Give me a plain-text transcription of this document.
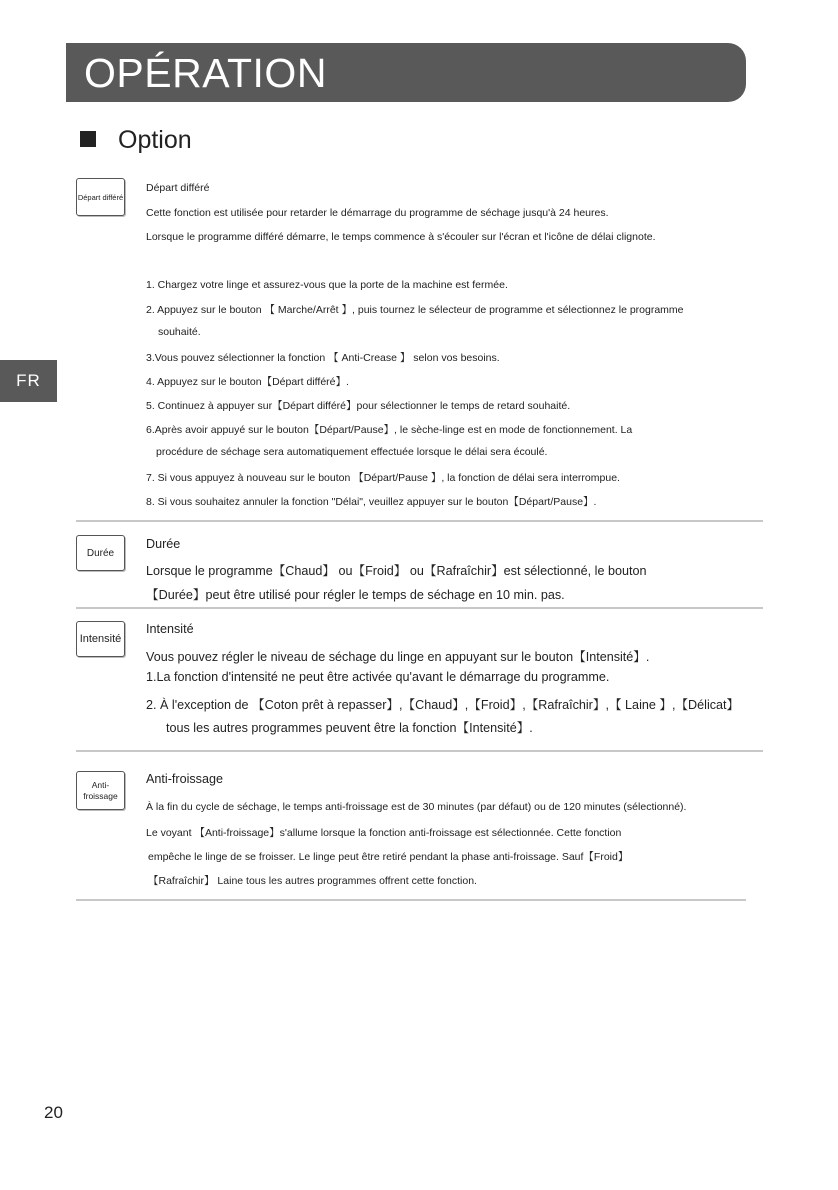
OPÉRATION
Option
FR
Départ différé
Départ différé
Cette fonction est utilisée pour retarder le démarrage du programme de séchage jusqu'à 24 heures.
Lorsque le programme différé démarre, le temps commence à s'écouler sur l'écran et l'icône de délai clignote.
1. Chargez votre linge et assurez-vous que la porte de la machine est fermée.
2. Appuyez sur le bouton 【 Marche/Arrêt 】, puis tournez le sélecteur de programme et sélectionnez le programme
souhaité.
3.Vous pouvez sélectionner la fonction 【 Anti-Crease 】 selon vos besoins.
4. Appuyez sur le bouton【Départ différé】.
5. Continuez à appuyer sur【Départ différé】pour sélectionner le temps de retard souhaité.
6.Après avoir appuyé sur le bouton【Départ/Pause】, le sèche-linge est en mode de fonctionnement. La
procédure de séchage sera automatiquement effectuée lorsque le délai sera écoulé.
7. Si vous appuyez à nouveau sur le bouton 【Départ/Pause 】, la fonction de délai sera interrompue.
8. Si vous souhaitez annuler la fonction "Délai", veuillez appuyer sur le bouton【Départ/Pause】.
Durée
Durée
Lorsque le programme【Chaud】 ou【Froid】 ou【Rafraîchir】est sélectionné, le bouton
【Durée】peut être utilisé pour régler le temps de séchage en 10 min. pas.
Intensité
Intensité
Vous pouvez régler le niveau de séchage du linge en appuyant sur le bouton【Intensité】.
1.La fonction d'intensité ne peut être activée qu'avant le démarrage du programme.
2. À l'exception de 【Coton prêt à repasser】,【Chaud】,【Froid】,【Rafraîchir】,【 Laine 】,【Délicat】
tous les autres programmes peuvent être la fonction【Intensité】.
Anti-
froissage
Anti-froissage
À la fin du cycle de séchage, le temps anti-froissage est de 30 minutes (par défaut) ou de 120 minutes (sélectionné).
Le voyant 【Anti-froissage】s'allume lorsque la fonction anti-froissage est sélectionnée. Cette fonction
empêche le linge de se froisser. Le linge peut être retiré pendant la phase anti-froissage. Sauf【Froid】
【Rafraîchir】 Laine tous les autres programmes offrent cette fonction.
20
